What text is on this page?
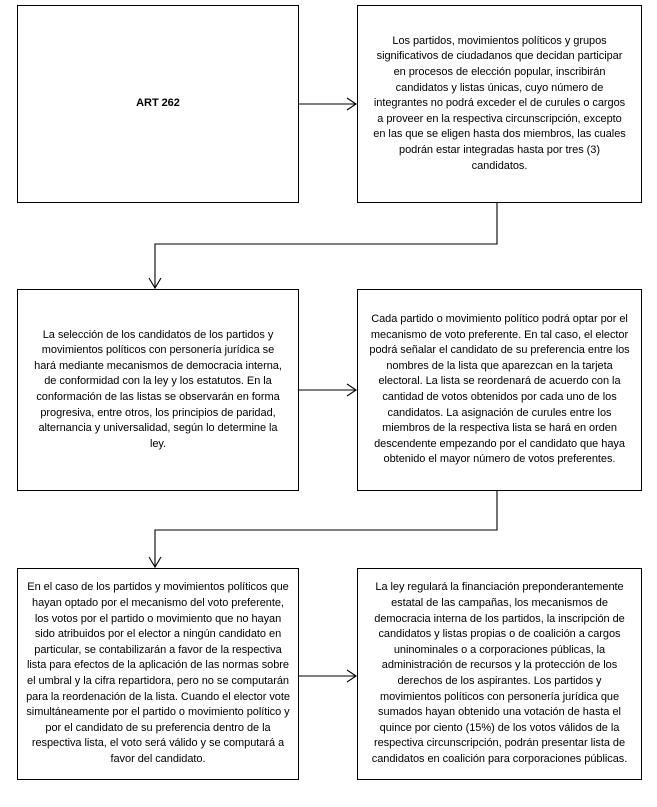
ART 262

Los partidos, movimientos políticos y grupos significativos de ciudadanos que decidan participar en procesos de elección popular, inscribirán candidatos y listas únicas, cuyo número de integrantes no podrá exceder el de curules o cargos a proveer en la respectiva circunscripción, excepto en las que se eligen hasta dos miembros, las cuales podrán estar integradas hasta por tres (3) candidatos.

La selección de los candidatos de los partidos y movimientos políticos con personería jurídica se hará mediante mecanismos de democracia interna, de conformidad con la ley y los estatutos. En la conformación de las listas se observarán en forma progresiva, entre otros, los principios de paridad, alternancia y universalidad, según lo determine la ley.

Cada partido o movimiento político podrá optar por el mecanismo de voto preferente. En tal caso, el elector podrá señalar el candidato de su preferencia entre los nombres de la lista que aparezcan en la tarjeta electoral. La lista se reordenará de acuerdo con la cantidad de votos obtenidos por cada uno de los candidatos. La asignación de curules entre los miembros de la respectiva lista se hará en orden descendente empezando por el candidato que haya obtenido el mayor número de votos preferentes.

En el caso de los partidos y movimientos políticos que hayan optado por el mecanismo del voto preferente, los votos por el partido o movimiento que no hayan sido atribuidos por el elector a ningún candidato en particular, se contabilizarán a favor de la respectiva lista para efectos de la aplicación de las normas sobre el umbral y la cifra repartidora, pero no se computarán para la reordenación de la lista. Cuando el elector vote simultáneamente por el partido o movimiento político y por el candidato de su preferencia dentro de la respectiva lista, el voto será válido y se computará a favor del candidato.

La ley regulará la financiación preponderantemente estatal de las campañas, los mecanismos de democracia interna de los partidos, la inscripción de candidatos y listas propias o de coalición a cargos uninominales o a corporaciones públicas, la administración de recursos y la protección de los derechos de los aspirantes. Los partidos y movimientos políticos con personería jurídica que sumados hayan obtenido una votación de hasta el quince por ciento (15%) de los votos válidos de la respectiva circunscripción, podrán presentar lista de candidatos en coalición para corporaciones públicas.
